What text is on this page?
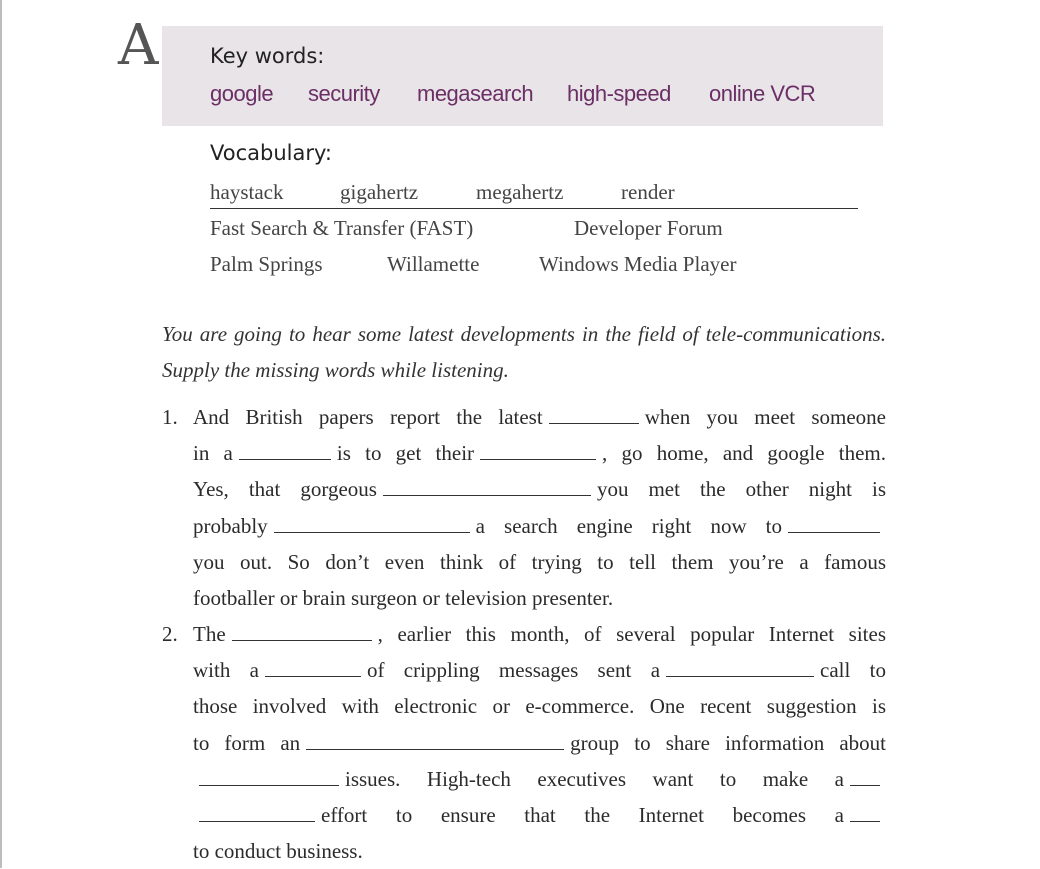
A Key words:
google security megasearch high-speed online VCR
Vocabulary:
haystack	gigahertz	megahertz	render
Fast Search & Transfer (FAST)	Developer Forum
Palm Springs	Willamette	Windows Media Player
You are going to hear some latest developments in the field of tele-communications. Supply the missing words while listening.
1. And British papers report the latest	when you meet someone
in a	is to get their	, go home, and google them.
Yes, that gorgeous	you met the other night is
probably	a search engine right now to
you out. So don’t even think of trying to tell them you’re a famous
footballer or brain surgeon or television presenter.
2. The	, earlier this month, of several popular Internet sites
with a	of crippling messages sent a	call to
those involved with electronic or e-commerce. One recent suggestion is
to form an	group to share information about
issues. High-tech executives want to make a
effort to ensure that the Internet becomes a
to conduct business.
